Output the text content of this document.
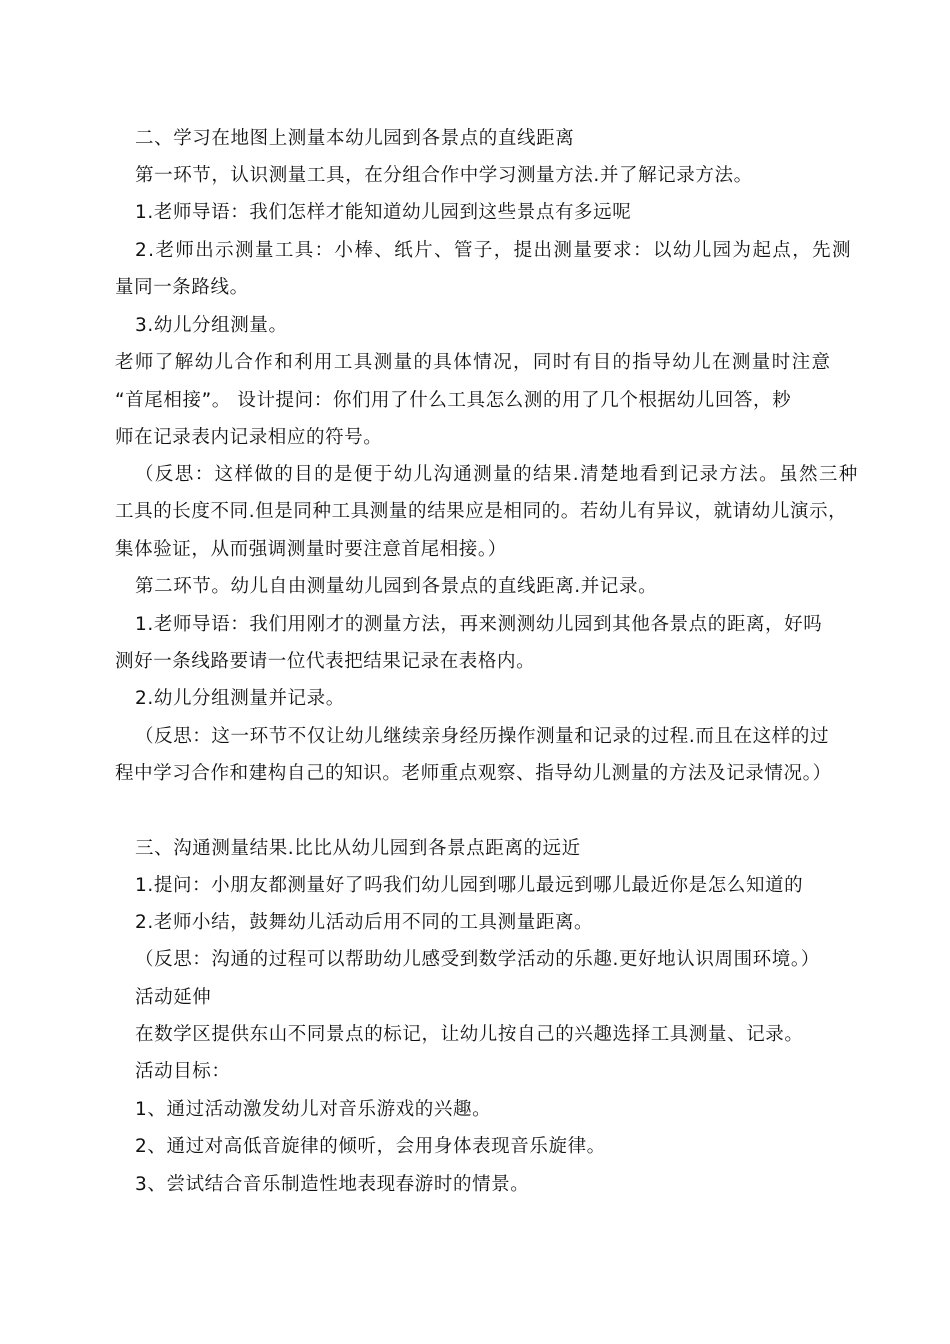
二、学习在地图上测量本幼儿园到各景点的直线距离
第一环节，认识测量工具，在分组合作中学习测量方法.并了解记录方法。
1.老师导语：我们怎样才能知道幼儿园到这些景点有多远呢
2.老师出示测量工具：小棒、纸片、管子，提出测量要求：以幼儿园为起点，先测
量同一条路线。
3.幼儿分组测量。
老师了解幼儿合作和利用工具测量的具体情况，同时有目的指导幼儿在测量时注意
“首尾相接”。 设计提问：你们用了什么工具怎么测的用了几个根据幼儿回答，耖
师在记录表内记录相应的符号。
（反思：这样做的目的是便于幼儿沟通测量的结果.清楚地看到记录方法。虽然三种
工具的长度不同.但是同种工具测量的结果应是相同的。若幼儿有异议，就请幼儿演示，
集体验证，从而强调测量时要注意首尾相接。）
第二环节。幼儿自由测量幼儿园到各景点的直线距离.并记录。
1.老师导语：我们用刚才的测量方法，再来测测幼儿园到其他各景点的距离，好吗
测好一条线路要请一位代表把结果记录在表格内。
2.幼儿分组测量并记录。
（反思：这一环节不仅让幼儿继续亲身经历操作测量和记录的过程.而且在这样的过
程中学习合作和建构自己的知识。老师重点观察、指导幼儿测量的方法及记录情况。）
三、沟通测量结果.比比从幼儿园到各景点距离的远近
1.提问：小朋友都测量好了吗我们幼儿园到哪儿最远到哪儿最近你是怎么知道的
2.老师小结，鼓舞幼儿活动后用不同的工具测量距离。
（反思：沟通的过程可以帮助幼儿感受到数学活动的乐趣.更好地认识周围环境。）
活动延伸
在数学区提供东山不同景点的标记，让幼儿按自己的兴趣选择工具测量、记录。
活动目标：
1、通过活动激发幼儿对音乐游戏的兴趣。
2、通过对高低音旋律的倾听，会用身体表现音乐旋律。
3、尝试结合音乐制造性地表现春游时的情景。
